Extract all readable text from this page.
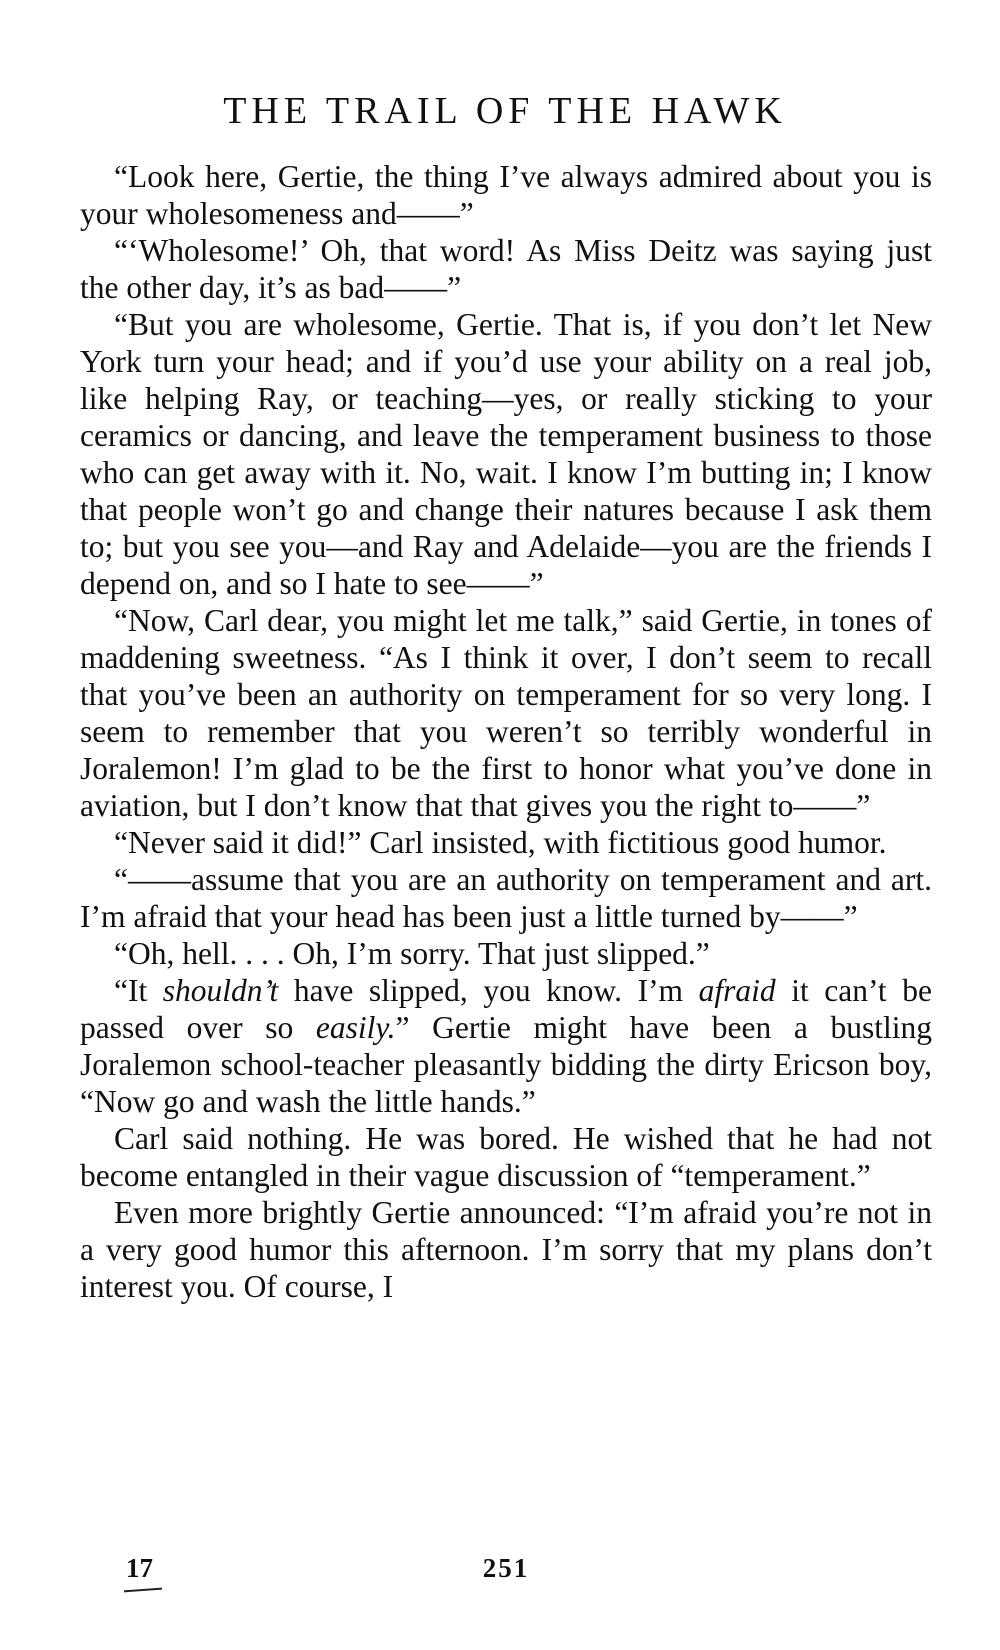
THE TRAIL OF THE HAWK

“Look here, Gertie, the thing I’ve always admired about you is your wholesomeness and——”

“‘Wholesome!’ Oh, that word! As Miss Deitz was saying just the other day, it’s as bad——”

“But you are wholesome, Gertie. That is, if you don’t let New York turn your head; and if you’d use your ability on a real job, like helping Ray, or teaching—yes, or really sticking to your ceramics or dancing, and leave the temperament business to those who can get away with it. No, wait. I know I’m butting in; I know that people won’t go and change their natures because I ask them to; but you see you—and Ray and Adelaide—you are the friends I depend on, and so I hate to see——”

“Now, Carl dear, you might let me talk,” said Gertie, in tones of maddening sweetness. “As I think it over, I don’t seem to recall that you’ve been an authority on temperament for so very long. I seem to remember that you weren’t so terribly wonderful in Joralemon! I’m glad to be the first to honor what you’ve done in aviation, but I don’t know that that gives you the right to——”

“Never said it did!” Carl insisted, with fictitious good humor.

“——assume that you are an authority on temperament and art. I’m afraid that your head has been just a little turned by——”

“Oh, hell. . . . Oh, I’m sorry. That just slipped.”

“It shouldn’t have slipped, you know. I’m afraid it can’t be passed over so easily.” Gertie might have been a bustling Joralemon school-teacher pleasantly bidding the dirty Ericson boy, “Now go and wash the little hands.”

Carl said nothing. He was bored. He wished that he had not become entangled in their vague discussion of “temperament.”

Even more brightly Gertie announced: “I’m afraid you’re not in a very good humor this afternoon. I’m sorry that my plans don’t interest you. Of course, I

17	251
